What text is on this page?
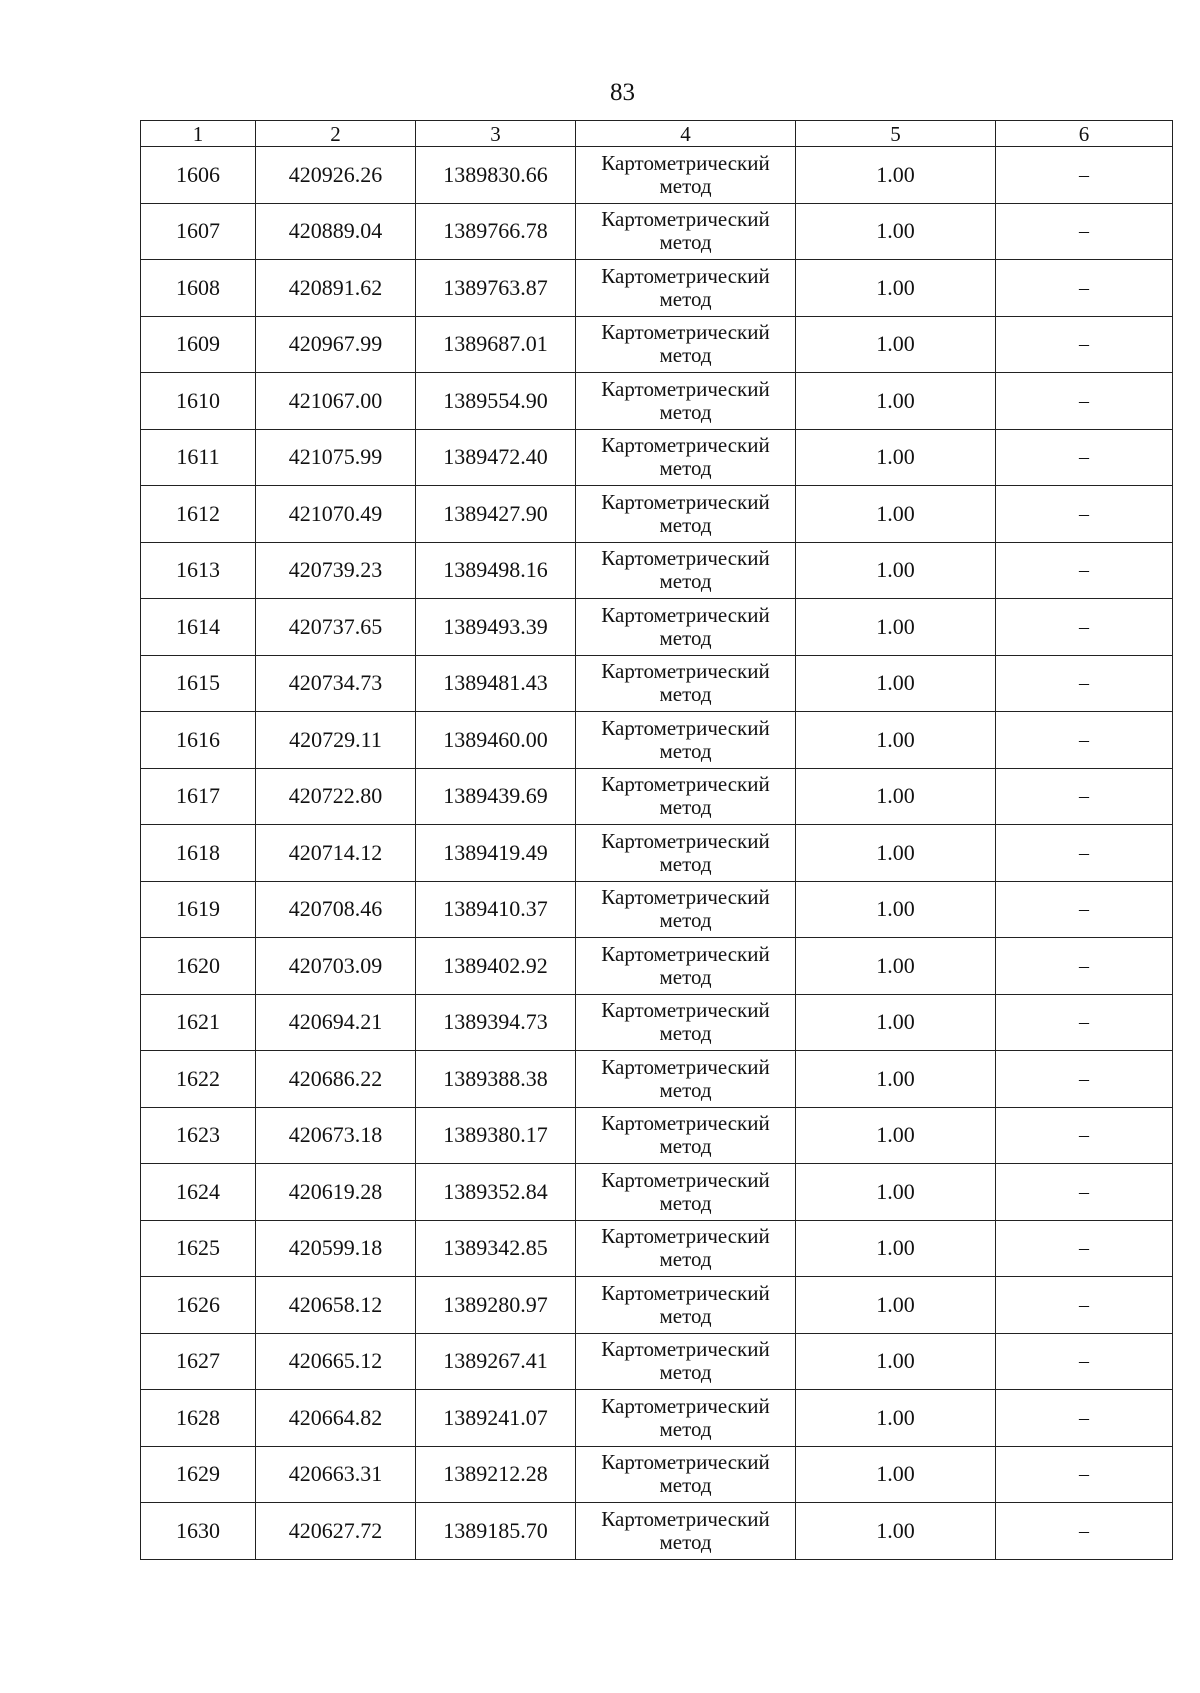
83
1	2	3	4	5	6
1606	420926.26	1389830.66	Картометрический метод	1.00	–
1607	420889.04	1389766.78	Картометрический метод	1.00	–
1608	420891.62	1389763.87	Картометрический метод	1.00	–
1609	420967.99	1389687.01	Картометрический метод	1.00	–
1610	421067.00	1389554.90	Картометрический метод	1.00	–
1611	421075.99	1389472.40	Картометрический метод	1.00	–
1612	421070.49	1389427.90	Картометрический метод	1.00	–
1613	420739.23	1389498.16	Картометрический метод	1.00	–
1614	420737.65	1389493.39	Картометрический метод	1.00	–
1615	420734.73	1389481.43	Картометрический метод	1.00	–
1616	420729.11	1389460.00	Картометрический метод	1.00	–
1617	420722.80	1389439.69	Картометрический метод	1.00	–
1618	420714.12	1389419.49	Картометрический метод	1.00	–
1619	420708.46	1389410.37	Картометрический метод	1.00	–
1620	420703.09	1389402.92	Картометрический метод	1.00	–
1621	420694.21	1389394.73	Картометрический метод	1.00	–
1622	420686.22	1389388.38	Картометрический метод	1.00	–
1623	420673.18	1389380.17	Картометрический метод	1.00	–
1624	420619.28	1389352.84	Картометрический метод	1.00	–
1625	420599.18	1389342.85	Картометрический метод	1.00	–
1626	420658.12	1389280.97	Картометрический метод	1.00	–
1627	420665.12	1389267.41	Картометрический метод	1.00	–
1628	420664.82	1389241.07	Картометрический метод	1.00	–
1629	420663.31	1389212.28	Картометрический метод	1.00	–
1630	420627.72	1389185.70	Картометрический метод	1.00	–
